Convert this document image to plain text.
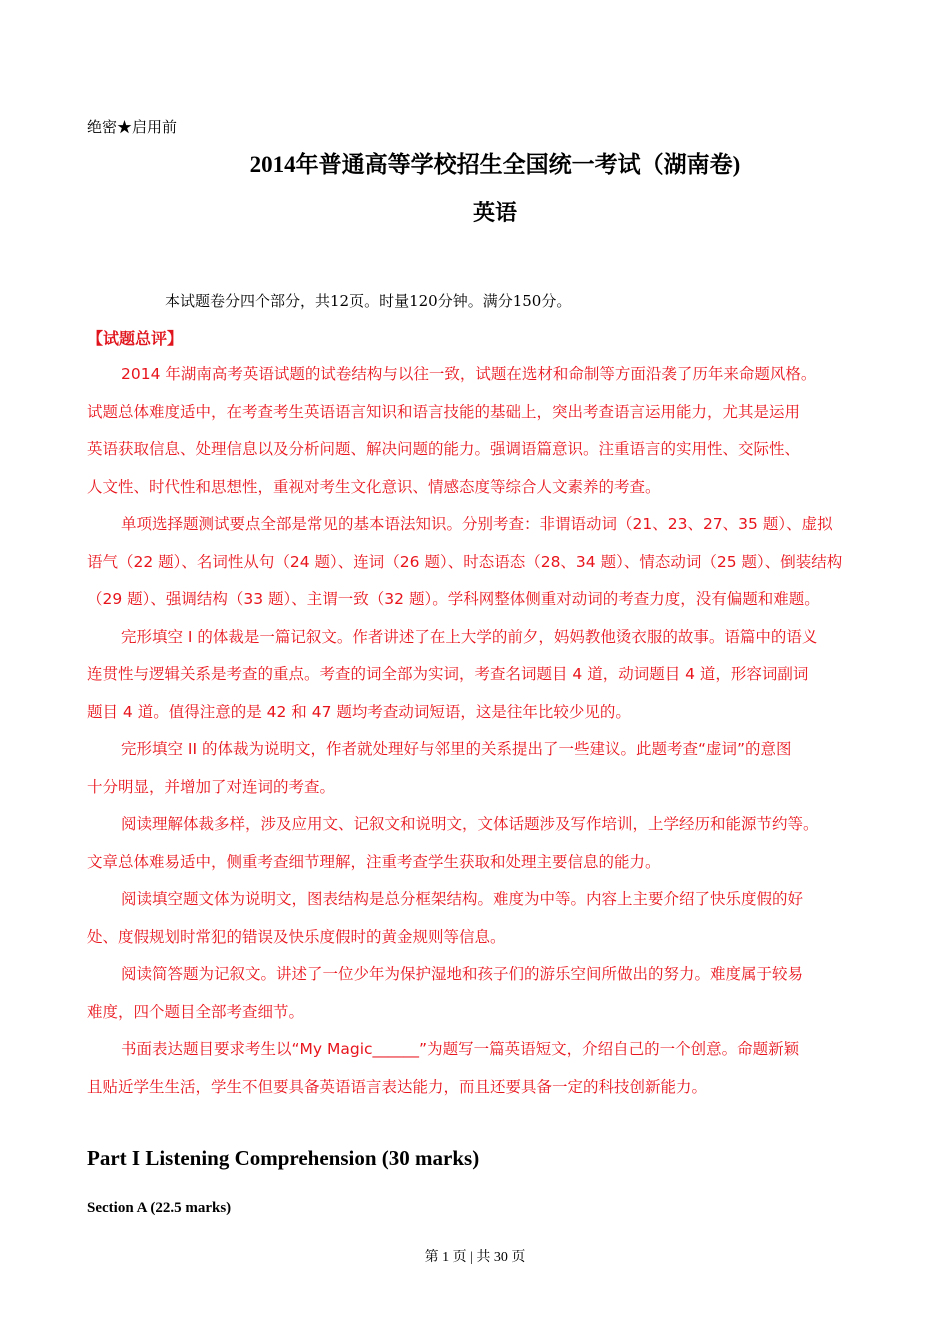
绝密★启用前
2014年普通高等学校招生全国统一考试（湖南卷)
英语
本试题卷分四个部分，共12页。时量120分钟。满分150分。
【试题总评】
2014 年湖南高考英语试题的试卷结构与以往一致，试题在选材和命制等方面沿袭了历年来命题风格。
试题总体难度适中，在考查考生英语语言知识和语言技能的基础上，突出考查语言运用能力，尤其是运用
英语获取信息、处理信息以及分析问题、解决问题的能力。强调语篇意识。注重语言的实用性、交际性、
人文性、时代性和思想性，重视对考生文化意识、情感态度等综合人文素养的考查。
单项选择题测试要点全部是常见的基本语法知识。分别考查：非谓语动词（21、23、27、35 题）、虚拟
语气（22 题）、名词性从句（24 题）、连词（26 题）、时态语态（28、34 题）、情态动词（25 题）、倒装结构
（29 题）、强调结构（33 题）、主谓一致（32 题）。学科网整体侧重对动词的考查力度，没有偏题和难题。
完形填空 I 的体裁是一篇记叙文。作者讲述了在上大学的前夕，妈妈教他烫衣服的故事。语篇中的语义
连贯性与逻辑关系是考查的重点。考查的词全部为实词，考查名词题目 4 道，动词题目 4 道，形容词副词
题目 4 道。值得注意的是 42 和 47 题均考查动词短语，这是往年比较少见的。
完形填空 II 的体裁为说明文，作者就处理好与邻里的关系提出了一些建议。此题考查“虚词”的意图
十分明显，并增加了对连词的考查。
阅读理解体裁多样，涉及应用文、记叙文和说明文，文体话题涉及写作培训，上学经历和能源节约等。
文章总体难易适中，侧重考查细节理解，注重考查学生获取和处理主要信息的能力。
阅读填空题文体为说明文，图表结构是总分框架结构。难度为中等。内容上主要介绍了快乐度假的好
处、度假规划时常犯的错误及快乐度假时的黄金规则等信息。
阅读简答题为记叙文。讲述了一位少年为保护湿地和孩子们的游乐空间所做出的努力。难度属于较易
难度，四个题目全部考查细节。
书面表达题目要求考生以“My Magic______”为题写一篇英语短文，介绍自己的一个创意。命题新颖
且贴近学生生活，学生不但要具备英语语言表达能力，而且还要具备一定的科技创新能力。
Part I Listening Comprehension (30 marks)
Section A (22.5 marks)
第 1 页 | 共 30 页
